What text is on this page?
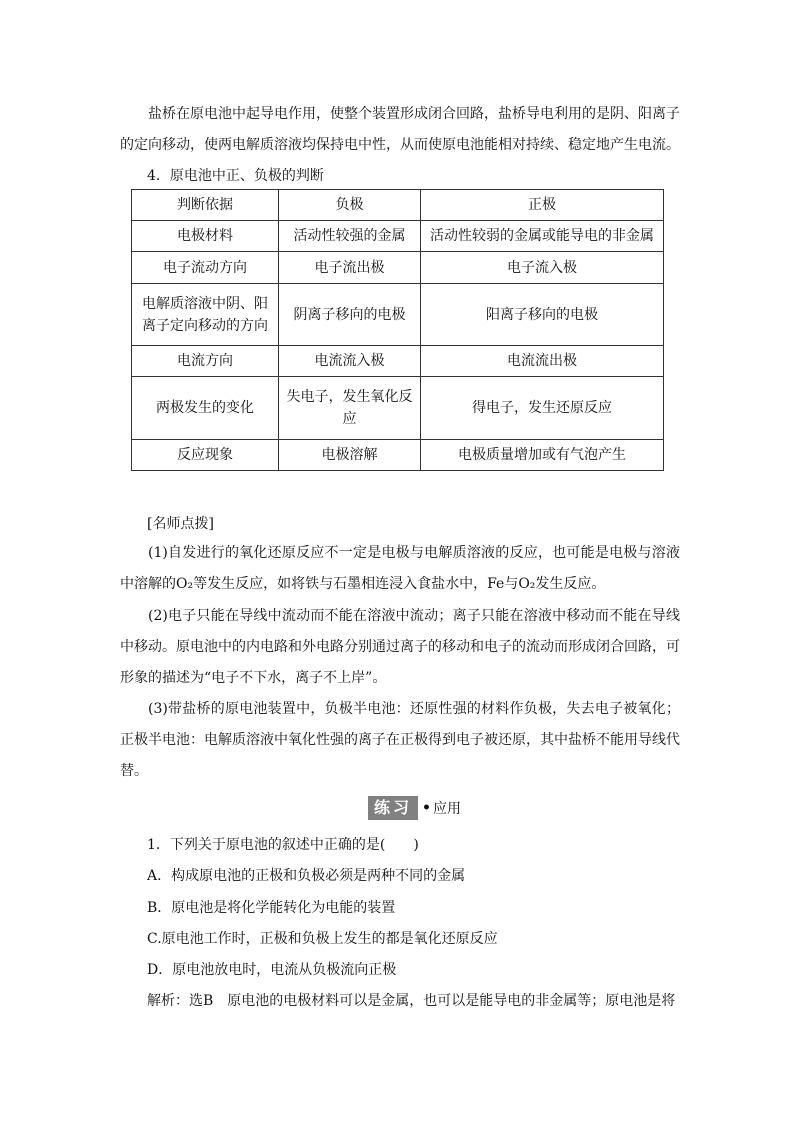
盐桥在原电池中起导电作用，使整个装置形成闭合回路，盐桥导电利用的是阴、阳离子的定向移动，使两电解质溶液均保持电中性，从而使原电池能相对持续、稳定地产生电流。

4．原电池中正、负极的判断

判断依据	负极	正极
电极材料	活动性较强的金属	活动性较弱的金属或能导电的非金属
电子流动方向	电子流出极	电子流入极
电解质溶液中阴、阳离子定向移动的方向	阴离子移向的电极	阳离子移向的电极
电流方向	电流流入极	电流流出极
两极发生的变化	失电子，发生氧化反应	得电子，发生还原反应
反应现象	电极溶解	电极质量增加或有气泡产生

[名师点拨]

(1)自发进行的氧化还原反应不一定是电极与电解质溶液的反应，也可能是电极与溶液中溶解的O₂等发生反应，如将铁与石墨相连浸入食盐水中，Fe与O₂发生反应。

(2)电子只能在导线中流动而不能在溶液中流动；离子只能在溶液中移动而不能在导线中移动。原电池中的内电路和外电路分别通过离子的移动和电子的流动而形成闭合回路，可形象的描述为“电子不下水，离子不上岸”。

(3)带盐桥的原电池装置中，负极半电池：还原性强的材料作负极，失去电子被氧化；正极半电池：电解质溶液中氧化性强的离子在正极得到电子被还原，其中盐桥不能用导线代替。

练习 • 应用

1．下列关于原电池的叙述中正确的是(　　)

A．构成原电池的正极和负极必须是两种不同的金属

B．原电池是将化学能转化为电能的装置

C.原电池工作时，正极和负极上发生的都是氧化还原反应

D．原电池放电时，电流从负极流向正极

解析：选B　原电池的电极材料可以是金属，也可以是能导电的非金属等；原电池是将
